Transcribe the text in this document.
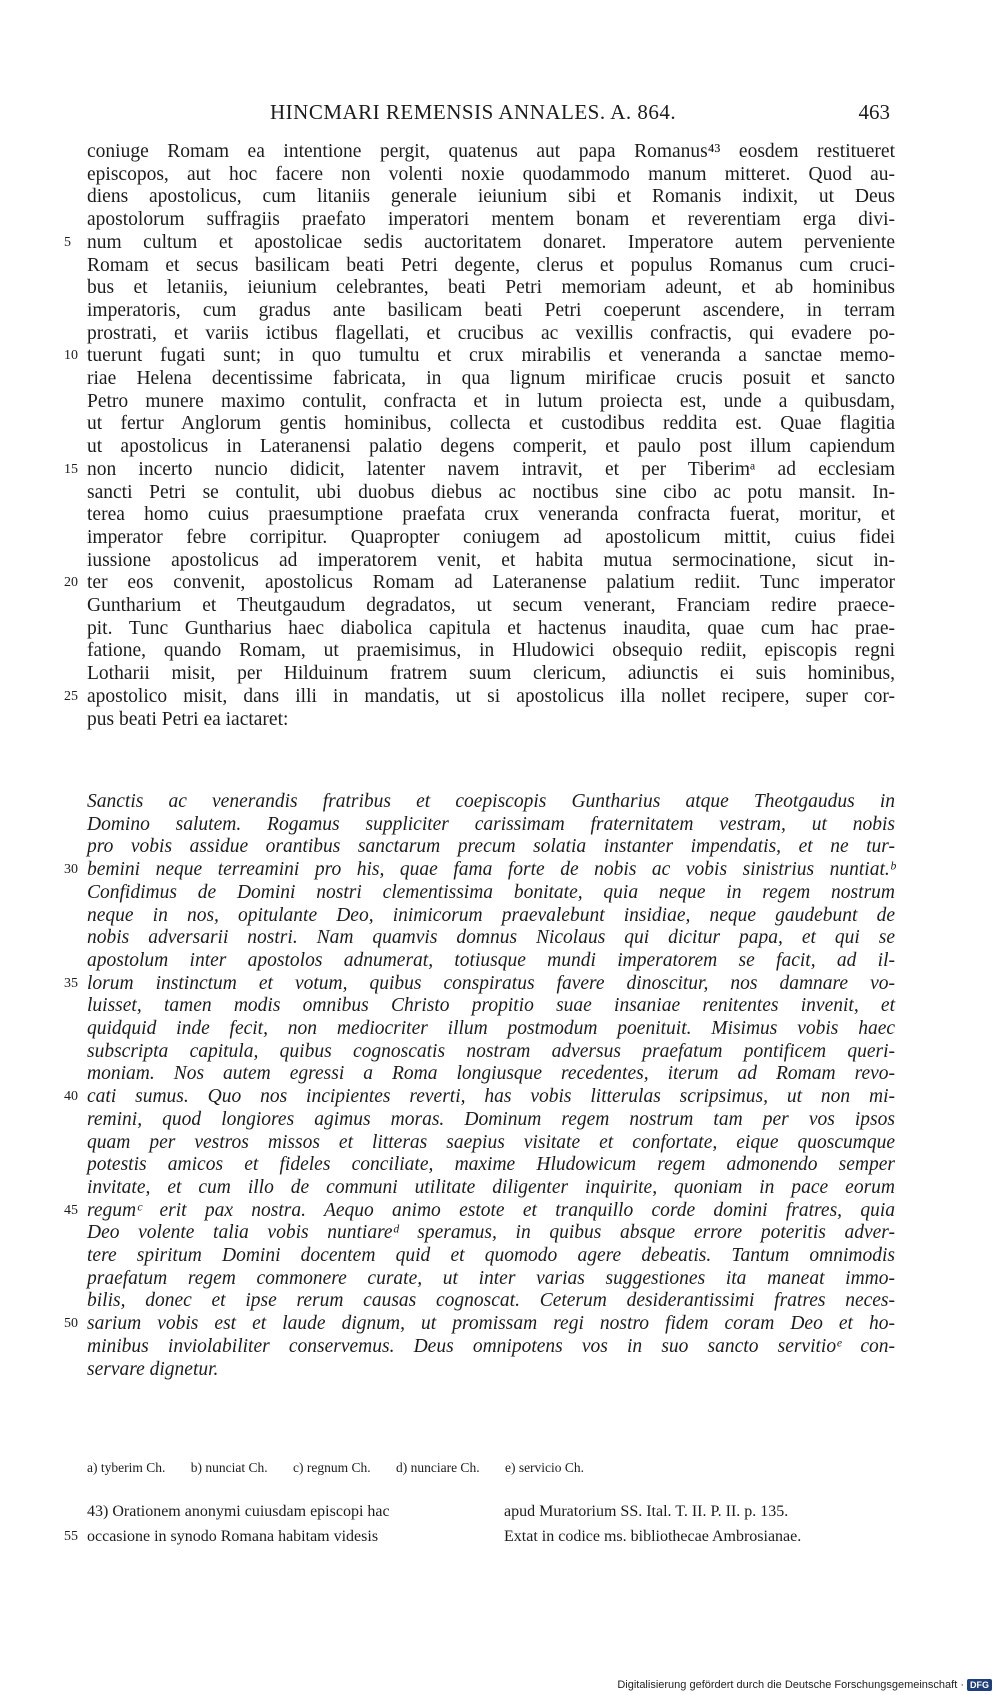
HINCMARI REMENSIS ANNALES. A. 864.	463
coniuge Romam ea intentione pergit, quatenus aut papa Romanus⁴³ eosdem restitueret
episcopos, aut hoc facere non volenti noxie quodammodo manum mitteret. Quod au-
diens apostolicus, cum litaniis generale ieiunium sibi et Romanis indixit, ut Deus
apostolorum suffragiis praefato imperatori mentem bonam et reverentiam erga divi-
5 num cultum et apostolicae sedis auctoritatem donaret. Imperatore autem perveniente
Romam et secus basilicam beati Petri degente, clerus et populus Romanus cum cruci-
bus et letaniis, ieiunium celebrantes, beati Petri memoriam adeunt, et ab hominibus
imperatoris, cum gradus ante basilicam beati Petri coeperunt ascendere, in terram
prostrati, et variis ictibus flagellati, et crucibus ac vexillis confractis, qui evadere po-
10 tuerunt fugati sunt; in quo tumultu et crux mirabilis et veneranda a sanctae memo-
riae Helena decentissime fabricata, in qua lignum mirificae crucis posuit et sancto
Petro munere maximo contulit, confracta et in lutum proiecta est, unde a quibusdam,
ut fertur Anglorum gentis hominibus, collecta et custodibus reddita est. Quae flagitia
ut apostolicus in Lateranensi palatio degens comperit, et paulo post illum capiendum
15 non incerto nuncio didicit, latenter navem intravit, et per Tiberimᵃ ad ecclesiam
sancti Petri se contulit, ubi duobus diebus ac noctibus sine cibo ac potu mansit. In-
terea homo cuius praesumptione praefata crux veneranda confracta fuerat, moritur, et
imperator febre corripitur. Quapropter coniugem ad apostolicum mittit, cuius fidei
iussione apostolicus ad imperatorem venit, et habita mutua sermocinatione, sicut in-
20 ter eos convenit, apostolicus Romam ad Lateranense palatium rediit. Tunc imperator
Guntharium et Theutgaudum degradatos, ut secum venerant, Franciam redire praece-
pit. Tunc Guntharius haec diabolica capitula et hactenus inaudita, quae cum hac prae-
fatione, quando Romam, ut praemisimus, in Hludowici obsequio rediit, episcopis regni
Lotharii misit, per Hilduinum fratrem suum clericum, adiunctis ei suis hominibus,
25 apostolico misit, dans illi in mandatis, ut si apostolicus illa nollet recipere, super cor-
pus beati Petri ea iactaret:
Sanctis ac venerandis fratribus et coepiscopis Guntharius atque Theotgaudus in
Domino salutem. Rogamus suppliciter carissimam fraternitatem vestram, ut nobis
pro vobis assidue orantibus sanctarum precum solatia instanter impendatis, et ne tur-
30 bemini neque terreamini pro his, quae fama forte de nobis ac vobis sinistrius nuntiat.ᵇ
Confidimus de Domini nostri clementissima bonitate, quia neque in regem nostrum
neque in nos, opitulante Deo, inimicorum praevalebunt insidiae, neque gaudebunt de
nobis adversarii nostri. Nam quamvis domnus Nicolaus qui dicitur papa, et qui se
apostolum inter apostolos adnumerat, totiusque mundi imperatorem se facit, ad il-
35 lorum instinctum et votum, quibus conspiratus favere dinoscitur, nos damnare vo-
luisset, tamen modis omnibus Christo propitio suae insaniae renitentes invenit, et
quidquid inde fecit, non mediocriter illum postmodum poenituit. Misimus vobis haec
subscripta capitula, quibus cognoscatis nostram adversus praefatum pontificem queri-
moniam. Nos autem egressi a Roma longiusque recedentes, iterum ad Romam revo-
40 cati sumus. Quo nos incipientes reverti, has vobis litterulas scripsimus, ut non mi-
remini, quod longiores agimus moras. Dominum regem nostrum tam per vos ipsos
quam per vestros missos et litteras saepius visitate et confortate, eique quoscumque
potestis amicos et fideles conciliate, maxime Hludowicum regem admonendo semper
invitate, et cum illo de communi utilitate diligenter inquirite, quoniam in pace eorum
45 regumᶜ erit pax nostra. Aequo animo estote et tranquillo corde domini fratres, quia
Deo volente talia vobis nuntiareᵈ speramus, in quibus absque errore poteritis adver-
tere spiritum Domini docentem quid et quomodo agere debeatis. Tantum omnimodis
praefatum regem commonere curate, ut inter varias suggestiones ita maneat immo-
bilis, donec et ipse rerum causas cognoscat. Ceterum desiderantissimi fratres neces-
50 sarium vobis est et laude dignum, ut promissam regi nostro fidem coram Deo et ho-
minibus inviolabiliter conservemus. Deus omnipotens vos in suo sancto servitioᵉ con-
servare dignetur.
a) tyberim Ch. b) nunciat Ch. c) regnum Ch. d) nunciare Ch. e) servicio Ch.
43) Orationem anonymi cuiusdam episcopi hac
55 occasione in synodo Romana habitam videsis
apud Muratorium SS. Ital. T. II. P. II. p. 135.
Extat in codice ms. bibliothecae Ambrosianae.
Digitalisierung gefördert durch die Deutsche Forschungsgemeinschaft · DFG
